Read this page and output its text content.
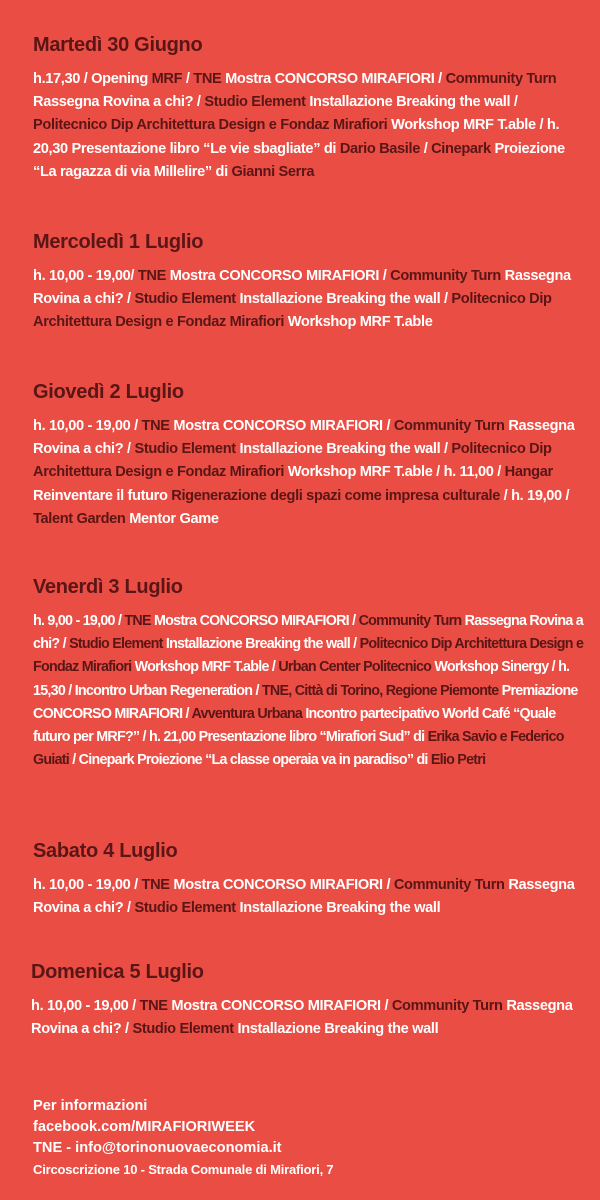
Martedì 30 Giugno

h.17,30 / Opening MRF / TNE Mostra CONCORSO MIRAFIORI / Community Turn Rassegna Rovina a chi? / Studio Element Installazione Breaking the wall / Politecnico Dip Architettura Design e Fondaz Mirafiori Workshop MRF T.able / h. 20,30 Presentazione libro “Le vie sbagliate” di Dario Basile / Cinepark Proiezione “La ragazza di via Millelire” di Gianni Serra

Mercoledì 1 Luglio

h. 10,00 - 19,00/ TNE Mostra CONCORSO MIRAFIORI / Community Turn Rassegna Rovina a chi? / Studio Element Installazione Breaking the wall / Politecnico Dip Architettura Design e Fondaz Mirafiori Workshop MRF T.able

Giovedì 2 Luglio

h. 10,00 - 19,00 / TNE Mostra CONCORSO MIRAFIORI / Community Turn Rassegna Rovina a chi? / Studio Element Installazione Breaking the wall / Politecnico Dip Architettura Design e Fondaz Mirafiori Workshop MRF T.able / h. 11,00 / Hangar Reinventare il futuro Rigenerazione degli spazi come impresa culturale / h. 19,00 / Talent Garden Mentor Game

Venerdì 3 Luglio

h. 9,00 - 19,00 / TNE Mostra CONCORSO MIRAFIORI / Community Turn Rassegna Rovina a chi? / Studio Element Installazione Breaking the wall / Politecnico Dip Architettura Design e Fondaz Mirafiori Workshop MRF T.able / Urban Center Politecnico Workshop Sinergy / h. 15,30 / Incontro Urban Regeneration / TNE, Città di Torino, Regione Piemonte Premiazione CONCORSO MIRAFIORI / Avventura Urbana Incontro partecipativo World Café “Quale futuro per MRF?” / h. 21,00 Presentazione libro “Mirafiori Sud” di Erika Savio e Federico Guiati / Cinepark Proiezione “La classe operaia va in paradiso” di Elio Petri

Sabato 4 Luglio

h. 10,00 - 19,00 / TNE Mostra CONCORSO MIRAFIORI / Community Turn Rassegna Rovina a chi? / Studio Element Installazione Breaking the wall

Domenica 5 Luglio

h. 10,00 - 19,00 / TNE Mostra CONCORSO MIRAFIORI / Community Turn Rassegna Rovina a chi? / Studio Element Installazione Breaking the wall

Per informazioni
facebook.com/MIRAFIORIWEEK
TNE - info@torinonuovaeconomia.it
Circoscrizione 10 - Strada Comunale di Mirafiori, 7
